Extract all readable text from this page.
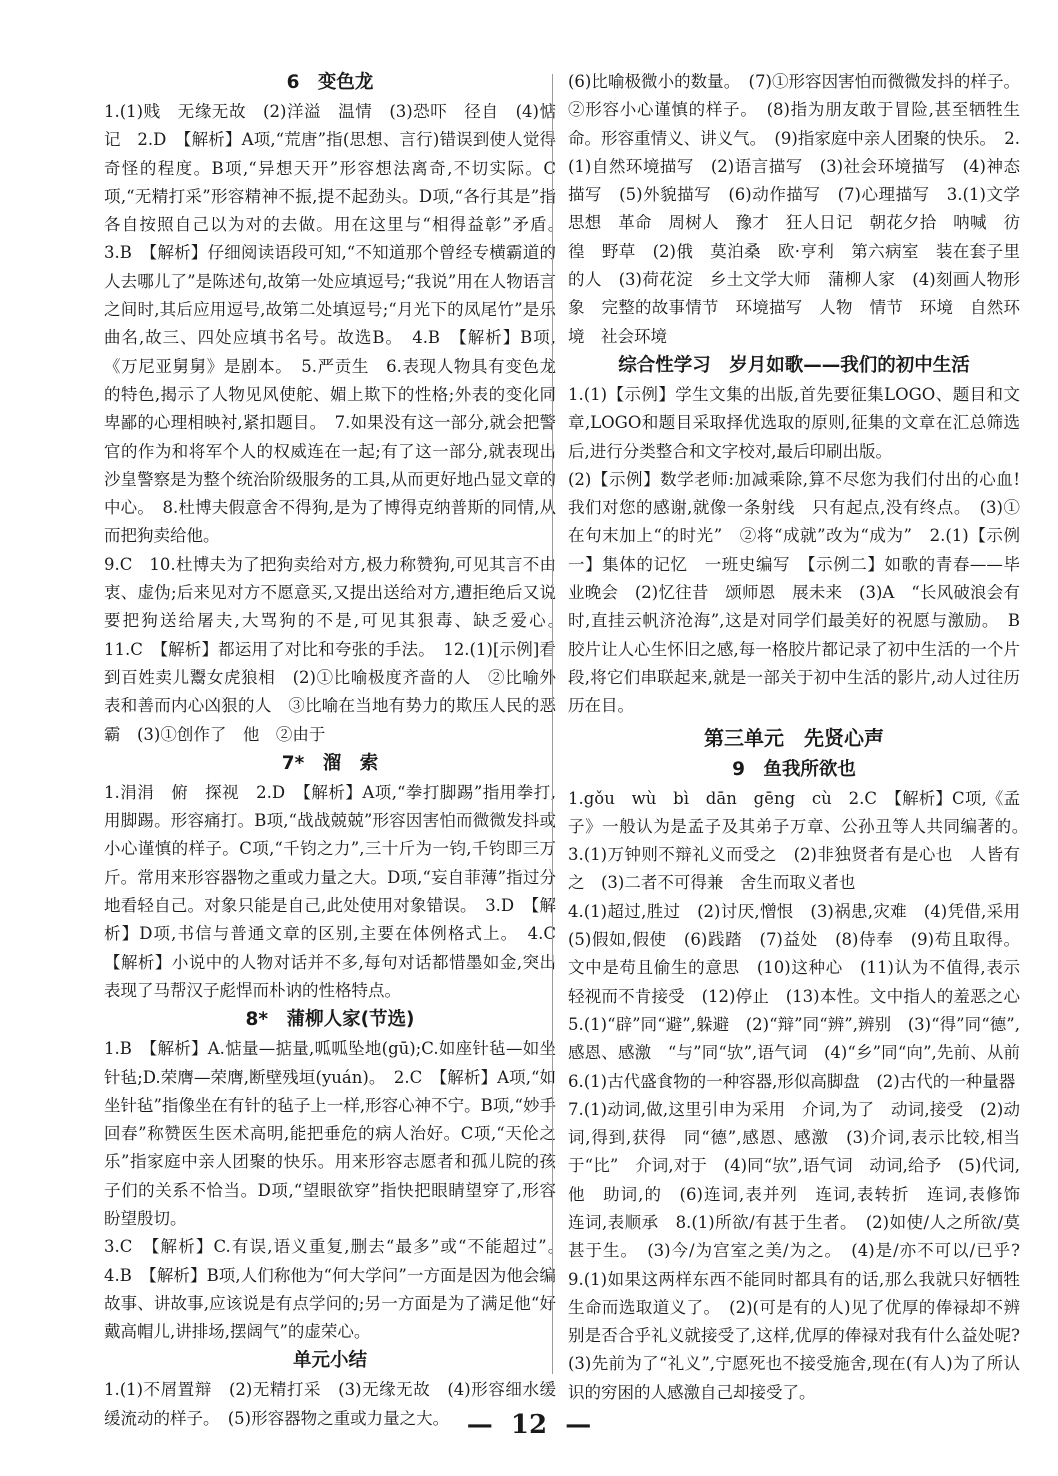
6　变色龙

1.(1)贱　无缘无故　(2)洋溢　温情　(3)恐吓　径自　(4)惦记　2.D　【解析】A项,“荒唐”指(思想、言行)错误到使人觉得奇怪的程度。B项,“异想天开”形容想法离奇,不切实际。C项,“无精打采”形容精神不振,提不起劲头。D项,“各行其是”指各自按照自己以为对的去做。用在这里与“相得益彰”矛盾。　3.B　【解析】仔细阅读语段可知,“不知道那个曾经专横霸道的人去哪儿了”是陈述句,故第一处应填逗号;“我说”用在人物语言之间时,其后应用逗号,故第二处填逗号;“月光下的凤尾竹”是乐曲名,故三、四处应填书名号。故选B。　4.B　【解析】B项,《万尼亚舅舅》是剧本。　5.严贡生　6.表现人物具有变色龙的特色,揭示了人物见风使舵、媚上欺下的性格;外表的变化同卑鄙的心理相映衬,紧扣题目。　7.如果没有这一部分,就会把警官的作为和将军个人的权威连在一起;有了这一部分,就表现出沙皇警察是为整个统治阶级服务的工具,从而更好地凸显文章的中心。　8.杜博夫假意舍不得狗,是为了博得克纳普斯的同情,从而把狗卖给他。

9.C　10.杜博夫为了把狗卖给对方,极力称赞狗,可见其言不由衷、虚伪;后来见对方不愿意买,又提出送给对方,遭拒绝后又说要把狗送给屠夫,大骂狗的不是,可见其狠毒、缺乏爱心。　11.C　【解析】都运用了对比和夸张的手法。　12.(1)[示例]看到百姓卖儿鬻女虎狼相　(2)①比喻极度齐啬的人　②比喻外表和善而内心凶狠的人　③比喻在当地有势力的欺压人民的恶霸　(3)①创作了　他　②由于

7*　溜　索

1.涓涓　俯　探视　2.D　【解析】A项,“拳打脚踢”指用拳打,用脚踢。形容痛打。B项,“战战兢兢”形容因害怕而微微发抖或小心谨慎的样子。C项,“千钧之力”,三十斤为一钧,千钧即三万斤。常用来形容器物之重或力量之大。D项,“妄自菲薄”指过分地看轻自己。对象只能是自己,此处使用对象错误。　3.D　【解析】D项,书信与普通文章的区别,主要在体例格式上。　4.C　【解析】小说中的人物对话并不多,每句对话都惜墨如金,突出表现了马帮汉子彪悍而朴讷的性格特点。

8*　蒲柳人家(节选)

1.B　【解析】A.惦量—掂量,呱呱坠地(gū);C.如座针毡—如坐针毡;D.荣膺—荣膺,断壁残垣(yuán)。　2.C　【解析】A项,“如坐针毡”指像坐在有针的毡子上一样,形容心神不宁。B项,“妙手回春”称赞医生医术高明,能把垂危的病人治好。C项,“天伦之乐”指家庭中亲人团聚的快乐。用来形容志愿者和孤儿院的孩子们的关系不恰当。D项,“望眼欲穿”指快把眼睛望穿了,形容盼望殷切。

3.C　【解析】C.有误,语义重复,删去“最多”或“不能超过”。　4.B　【解析】B项,人们称他为“何大学问”一方面是因为他会编故事、讲故事,应该说是有点学问的;另一方面是为了满足他“好戴高帽儿,讲排场,摆阔气”的虚荣心。

单元小结

1.(1)不屑置辩　(2)无精打采　(3)无缘无故　(4)形容细水缓缓流动的样子。　(5)形容器物之重或力量之大。

(6)比喻极微小的数量。　(7)①形容因害怕而微微发抖的样子。②形容小心谨慎的样子。　(8)指为朋友敢于冒险,甚至牺牲生命。形容重情义、讲义气。　(9)指家庭中亲人团聚的快乐。　2.(1)自然环境描写　(2)语言描写　(3)社会环境描写　(4)神态描写　(5)外貌描写　(6)动作描写　(7)心理描写　3.(1)文学　思想　革命　周树人　豫才　狂人日记　朝花夕拾　呐喊　彷徨　野草　(2)俄　莫泊桑　欧·亨利　第六病室　装在套子里的人　(3)荷花淀　乡土文学大师　蒲柳人家　(4)刻画人物形象　完整的故事情节　环境描写　人物　情节　环境　自然环境　社会环境

综合性学习　岁月如歌——我们的初中生活

1.(1)【示例】学生文集的出版,首先要征集LOGO、题目和文章,LOGO和题目采取择优选取的原则,征集的文章在汇总筛选后,进行分类整合和文字校对,最后印刷出版。

(2)【示例】数学老师:加减乘除,算不尽您为我们付出的心血!我们对您的感谢,就像一条射线　只有起点,没有终点。　(3)①在句末加上“的时光”　②将“成就”改为“成为”　2.(1)【示例一】集体的记忆　一班史编写　【示例二】如歌的青春——毕业晚会　(2)忆往昔　颂师恩　展未来　(3)A　“长风破浪会有时,直挂云帆济沧海”,这是对同学们最美好的祝愿与激励。　B　胶片让人心生怀旧之感,每一格胶片都记录了初中生活的一个片段,将它们串联起来,就是一部关于初中生活的影片,动人过往历历在目。

第三单元　先贤心声
9　鱼我所欲也

1.gǒu　wù　bì　dān　gēng　cù　2.C　【解析】C项,《孟子》一般认为是孟子及其弟子万章、公孙丑等人共同编著的。　3.(1)万钟则不辩礼义而受之　(2)非独贤者有是心也　人皆有之　(3)二者不可得兼　舍生而取义者也

4.(1)超过,胜过　(2)讨厌,憎恨　(3)祸患,灾难　(4)凭借,采用　(5)假如,假使　(6)践踏　(7)益处　(8)侍奉　(9)苟且取得。文中是苟且偷生的意思　(10)这种心　(11)认为不值得,表示轻视而不肯接受　(12)停止　(13)本性。文中指人的羞恶之心　5.(1)“辟”同“避”,躲避　(2)“辩”同“辨”,辨别　(3)“得”同“德”,感恩、感激　“与”同“欤”,语气词　(4)“乡”同“向”,先前、从前　6.(1)古代盛食物的一种容器,形似高脚盘　(2)古代的一种量器

7.(1)动词,做,这里引申为采用　介词,为了　动词,接受　(2)动词,得到,获得　同“德”,感恩、感激　(3)介词,表示比较,相当于“比”　介词,对于　(4)同“欤”,语气词　动词,给予　(5)代词,他　助词,的　(6)连词,表并列　连词,表转折　连词,表修饰　连词,表顺承　8.(1)所欲/有甚于生者。　(2)如使/人之所欲/莫甚于生。　(3)今/为宫室之美/为之。　(4)是/亦不可以/已乎?　9.(1)如果这两样东西不能同时都具有的话,那么我就只好牺牲生命而选取道义了。　(2)(可是有的人)见了优厚的俸禄却不辨别是否合乎礼义就接受了,这样,优厚的俸禄对我有什么益处呢?　(3)先前为了“礼义”,宁愿死也不接受施舍,现在(有人)为了所认识的穷困的人感激自己却接受了。

—  12  —
